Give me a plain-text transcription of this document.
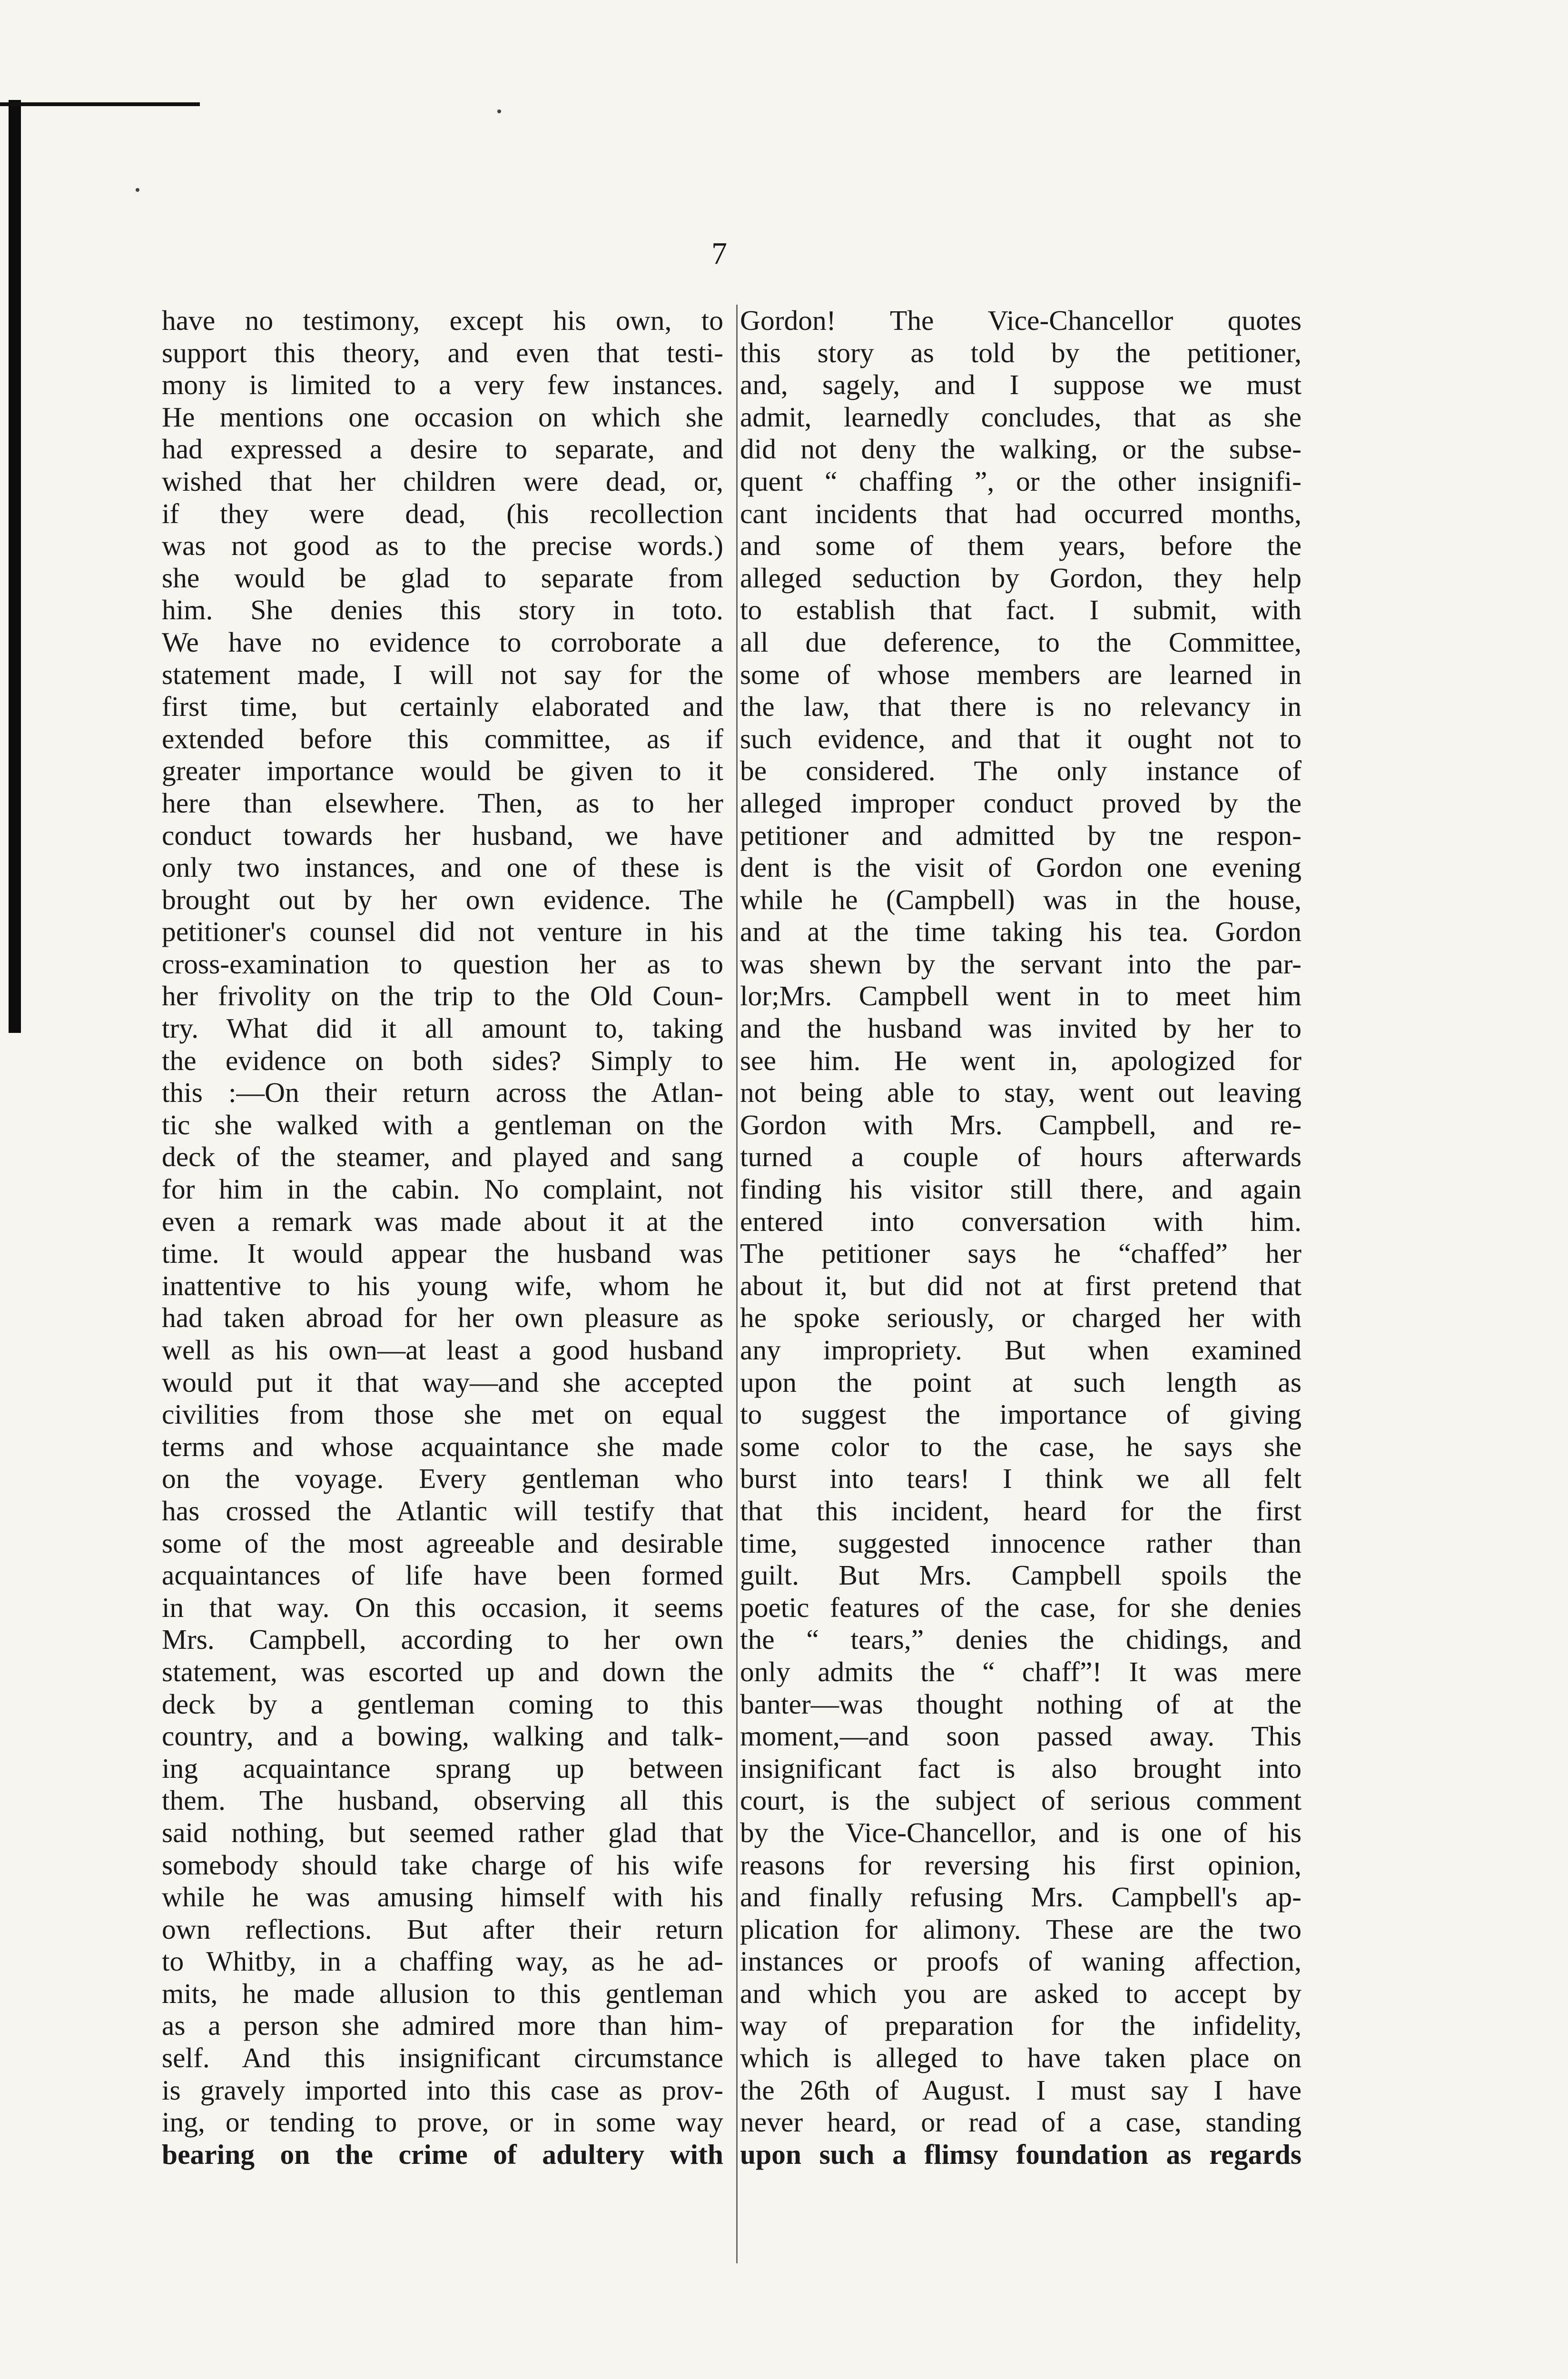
7

have no testimony, except his own, to

support this theory, and even that testi-

mony is limited to a very few instances.

He mentions one occasion on which she

had expressed a desire to separate, and

wished that her children were dead, or,

if they were dead, (his recollection

was not good as to the precise words.)

she would be glad to separate from

him. She denies this story in toto.

We have no evidence to corroborate a

statement made, I will not say for the

first time, but certainly elaborated and

extended before this committee, as if

greater importance would be given to it

here than elsewhere. Then, as to her

conduct towards her husband, we have

only two instances, and one of these is

brought out by her own evidence. The

petitioner's counsel did not venture in his

cross-examination to question her as to

her frivolity on the trip to the Old Coun-

try. What did it all amount to, taking

the evidence on both sides? Simply to

this :—On their return across the Atlan-

tic she walked with a gentleman on the

deck of the steamer, and played and sang

for him in the cabin. No complaint, not

even a remark was made about it at the

time. It would appear the husband was

inattentive to his young wife, whom he

had taken abroad for her own pleasure as

well as his own—at least a good husband

would put it that way—and she accepted

civilities from those she met on equal

terms and whose acquaintance she made

on the voyage. Every gentleman who

has crossed the Atlantic will testify that

some of the most agreeable and desirable

acquaintances of life have been formed

in that way. On this occasion, it seems

Mrs. Campbell, according to her own

statement, was escorted up and down the

deck by a gentleman coming to this

country, and a bowing, walking and talk-

ing acquaintance sprang up between

them. The husband, observing all this

said nothing, but seemed rather glad that

somebody should take charge of his wife

while he was amusing himself with his

own reflections. But after their return

to Whitby, in a chaffing way, as he ad-

mits, he made allusion to this gentleman

as a person she admired more than him-

self. And this insignificant circumstance

is gravely imported into this case as prov-

ing, or tending to prove, or in some way

bearing on the crime of adultery with

Gordon! The Vice-Chancellor quotes

this story as told by the petitioner,

and, sagely, and I suppose we must

admit, learnedly concludes, that as she

did not deny the walking, or the subse-

quent “ chaffing ”, or the other insignifi-

cant incidents that had occurred months,

and some of them years, before the

alleged seduction by Gordon, they help

to establish that fact. I submit, with

all due deference, to the Committee,

some of whose members are learned in

the law, that there is no relevancy in

such evidence, and that it ought not to

be considered. The only instance of

alleged improper conduct proved by the

petitioner and admitted by tne respon-

dent is the visit of Gordon one evening

while he (Campbell) was in the house,

and at the time taking his tea. Gordon

was shewn by the servant into the par-

lor;Mrs. Campbell went in to meet him

and the husband was invited by her to

see him. He went in, apologized for

not being able to stay, went out leaving

Gordon with Mrs. Campbell, and re-

turned a couple of hours afterwards

finding his visitor still there, and again

entered into conversation with him.

The petitioner says he “chaffed” her

about it, but did not at first pretend that

he spoke seriously, or charged her with

any impropriety. But when examined

upon the point at such length as

to suggest the importance of giving

some color to the case, he says she

burst into tears! I think we all felt

that this incident, heard for the first

time, suggested innocence rather than

guilt. But Mrs. Campbell spoils the

poetic features of the case, for she denies

the “ tears,” denies the chidings, and

only admits the “ chaff”! It was mere

banter—was thought nothing of at the

moment,—and soon passed away. This

insignificant fact is also brought into

court, is the subject of serious comment

by the Vice-Chancellor, and is one of his

reasons for reversing his first opinion,

and finally refusing Mrs. Campbell's ap-

plication for alimony. These are the two

instances or proofs of waning affection,

and which you are asked to accept by

way of preparation for the infidelity,

which is alleged to have taken place on

the 26th of August. I must say I have

never heard, or read of a case, standing

upon such a flimsy foundation as regards
